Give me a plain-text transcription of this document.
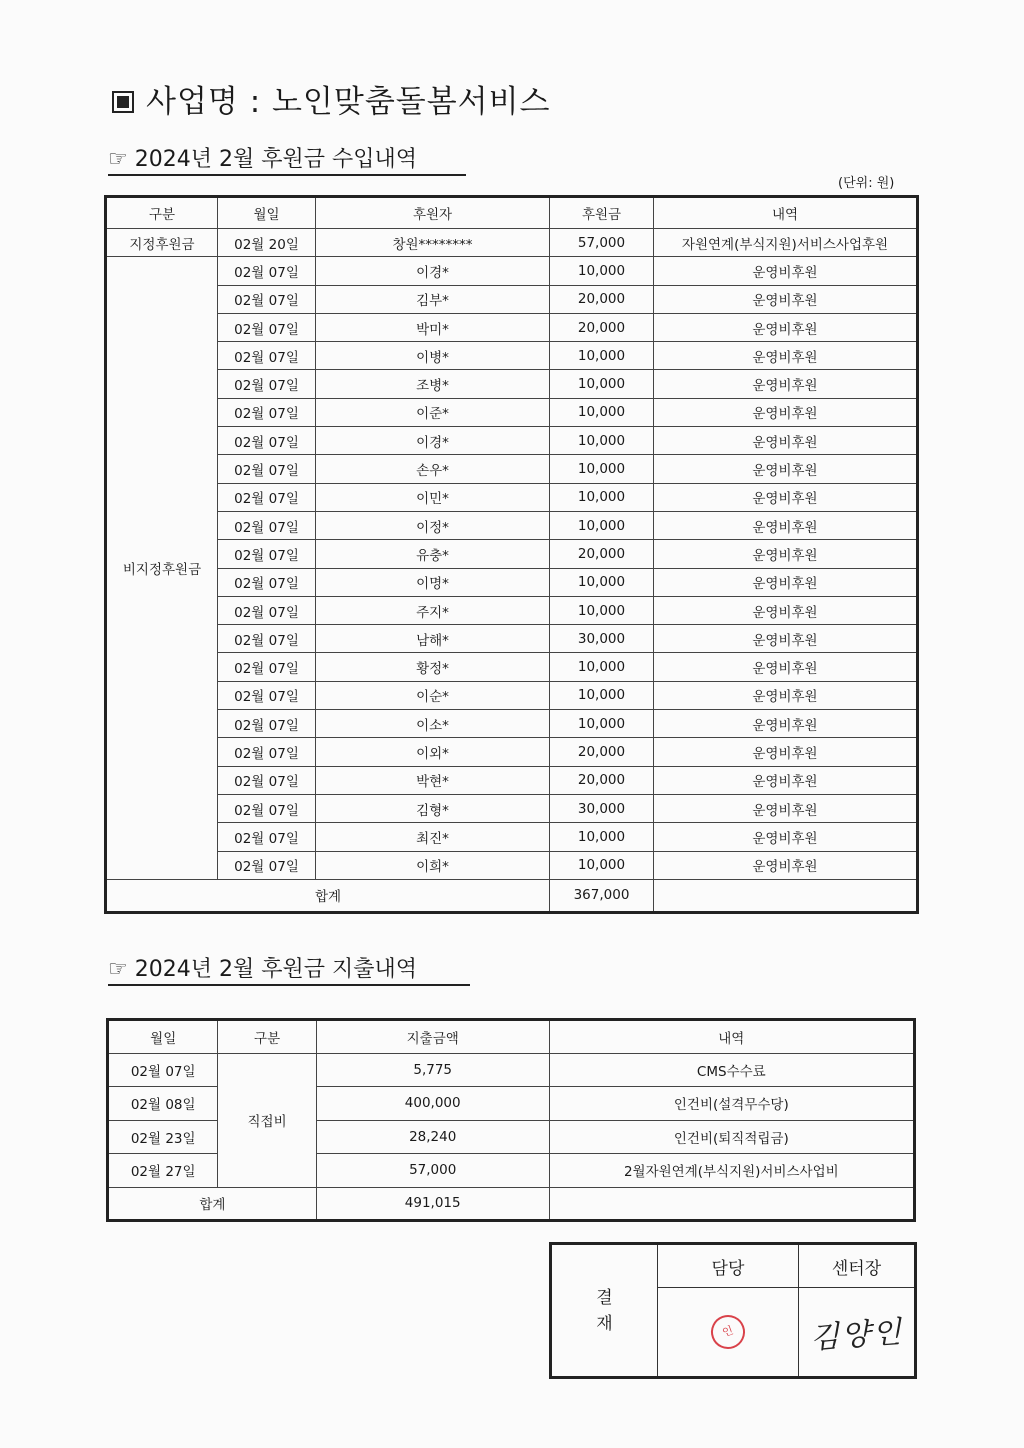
사업명 : 노인맞춤돌봄서비스
☞ 2024년 2월 후원금 수입내역
(단위: 원)
구분	월일	후원자	후원금	내역
지정후원금	02월 20일	창원********	57,000	자원연계(부식지원)서비스사업후원
비지정후원금	02월 07일	이경*	10,000	운영비후원
	02월 07일	김부*	20,000	운영비후원
	02월 07일	박미*	20,000	운영비후원
	02월 07일	이병*	10,000	운영비후원
	02월 07일	조병*	10,000	운영비후원
	02월 07일	이준*	10,000	운영비후원
	02월 07일	이경*	10,000	운영비후원
	02월 07일	손우*	10,000	운영비후원
	02월 07일	이민*	10,000	운영비후원
	02월 07일	이정*	10,000	운영비후원
	02월 07일	유충*	20,000	운영비후원
	02월 07일	이명*	10,000	운영비후원
	02월 07일	주지*	10,000	운영비후원
	02월 07일	남해*	30,000	운영비후원
	02월 07일	황정*	10,000	운영비후원
	02월 07일	이순*	10,000	운영비후원
	02월 07일	이소*	10,000	운영비후원
	02월 07일	이외*	20,000	운영비후원
	02월 07일	박현*	20,000	운영비후원
	02월 07일	김형*	30,000	운영비후원
	02월 07일	최진*	10,000	운영비후원
	02월 07일	이희*	10,000	운영비후원
합계			367,000	
☞ 2024년 2월 후원금 지출내역
월일	구분	지출금액	내역
02월 07일	직접비	5,775	CMS수수료
02월 08일		400,000	인건비(설격무수당)
02월 23일		28,240	인건비(퇴직적립금)
02월 27일		57,000	2월자원연계(부식지원)서비스사업비
합계		491,015	
결
재	담당	센터장
	인	김양인
